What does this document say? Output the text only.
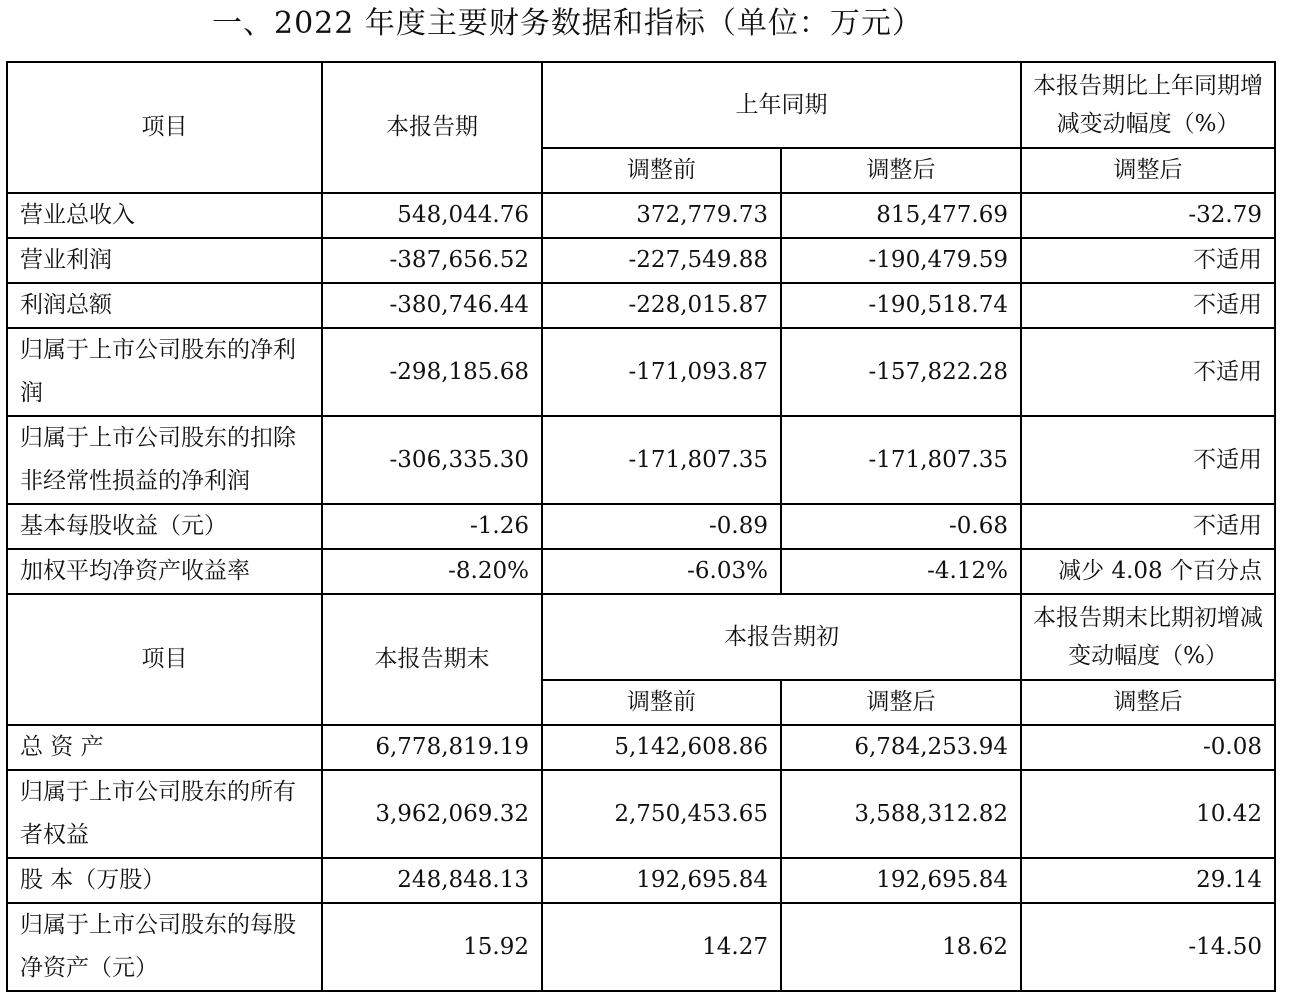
一、2022 年度主要财务数据和指标（单位：万元）
项目	本报告期	上年同期		本报告期比上年同期增减变动幅度（%）
		调整前	调整后	调整后
营业总收入	548,044.76	372,779.73	815,477.69	-32.79
营业利润	-387,656.52	-227,549.88	-190,479.59	不适用
利润总额	-380,746.44	-228,015.87	-190,518.74	不适用
归属于上市公司股东的净利润	-298,185.68	-171,093.87	-157,822.28	不适用
归属于上市公司股东的扣除非经常性损益的净利润	-306,335.30	-171,807.35	-171,807.35	不适用
基本每股收益（元）	-1.26	-0.89	-0.68	不适用
加权平均净资产收益率	-8.20%	-6.03%	-4.12%	减少 4.08 个百分点
项目	本报告期末	本报告期初		本报告期末比期初增减变动幅度（%）
		调整前	调整后	调整后
总 资 产	6,778,819.19	5,142,608.86	6,784,253.94	-0.08
归属于上市公司股东的所有者权益	3,962,069.32	2,750,453.65	3,588,312.82	10.42
股 本（万股）	248,848.13	192,695.84	192,695.84	29.14
归属于上市公司股东的每股净资产（元）	15.92	14.27	18.62	-14.50
